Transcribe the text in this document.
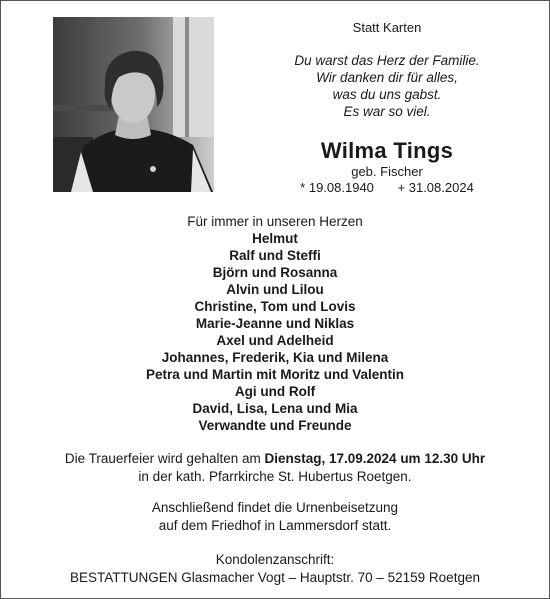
Statt Karten
Du warst das Herz der Familie.
Wir danken dir für alles,
was du uns gabst.
Es war so viel.
Wilma Tings
geb. Fischer
* 19.08.1940 + 31.08.2024
Für immer in unseren Herzen
Helmut
Ralf und Steffi
Björn und Rosanna
Alvin und Lilou
Christine, Tom und Lovis
Marie-Jeanne und Niklas
Axel und Adelheid
Johannes, Frederik, Kia und Milena
Petra und Martin mit Moritz und Valentin
Agi und Rolf
David, Lisa, Lena und Mia
Verwandte und Freunde
Die Trauerfeier wird gehalten am Dienstag, 17.09.2024 um 12.30 Uhr
in der kath. Pfarrkirche St. Hubertus Roetgen.
Anschließend findet die Urnenbeisetzung
auf dem Friedhof in Lammersdorf statt.
Kondolenzanschrift:
BESTATTUNGEN Glasmacher Vogt – Hauptstr. 70 – 52159 Roetgen
